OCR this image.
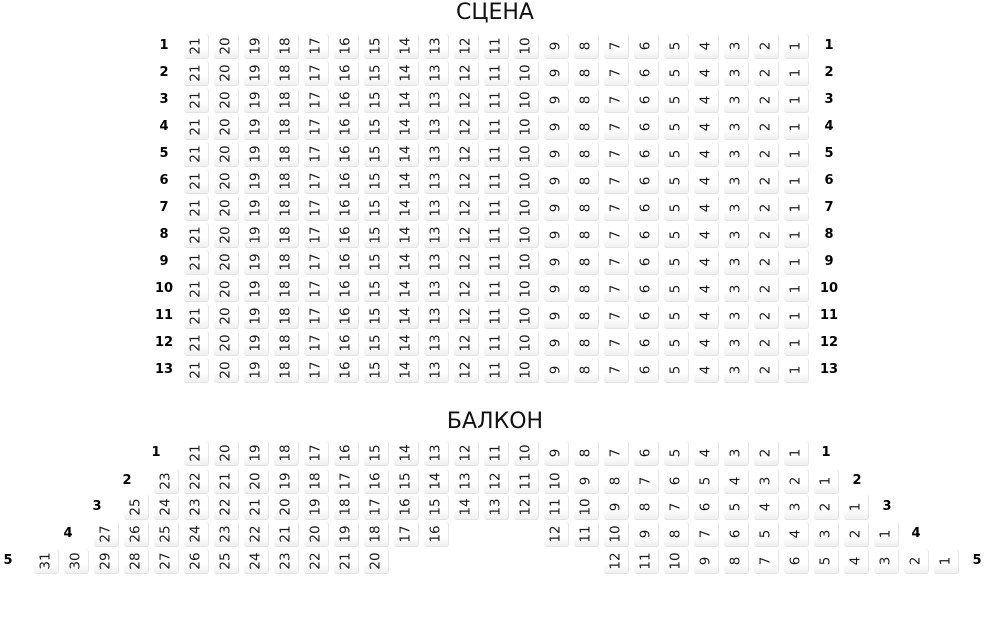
СЦЕНА
БАЛКОН
1	1
21 20 19 18 17 16 15 14 13 12 11 10 9 8 7 6 5 4 3 2 1
2	2
21 20 19 18 17 16 15 14 13 12 11 10 9 8 7 6 5 4 3 2 1
3	3
21 20 19 18 17 16 15 14 13 12 11 10 9 8 7 6 5 4 3 2 1
4	4
21 20 19 18 17 16 15 14 13 12 11 10 9 8 7 6 5 4 3 2 1
5	5
21 20 19 18 17 16 15 14 13 12 11 10 9 8 7 6 5 4 3 2 1
6	6
21 20 19 18 17 16 15 14 13 12 11 10 9 8 7 6 5 4 3 2 1
7	7
21 20 19 18 17 16 15 14 13 12 11 10 9 8 7 6 5 4 3 2 1
8	8
21 20 19 18 17 16 15 14 13 12 11 10 9 8 7 6 5 4 3 2 1
9	9
21 20 19 18 17 16 15 14 13 12 11 10 9 8 7 6 5 4 3 2 1
10	10
21 20 19 18 17 16 15 14 13 12 11 10 9 8 7 6 5 4 3 2 1
11	11
21 20 19 18 17 16 15 14 13 12 11 10 9 8 7 6 5 4 3 2 1
12	12
21 20 19 18 17 16 15 14 13 12 11 10 9 8 7 6 5 4 3 2 1
13	13
21 20 19 18 17 16 15 14 13 12 11 10 9 8 7 6 5 4 3 2 1
1	1
21 20 19 18 17 16 15 14 13 12 11 10 9 8 7 6 5 4 3 2 1
2	2
23 22 21 20 19 18 17 16 15 14 13 12 11 10 9 8 7 6 5 4 3 2 1
3	3
25 24 23 22 21 20 19 18 17 16 15 14 13 12 11 10 9 8 7 6 5 4 3 2 1
4	4
27 26 25 24 23 22 21 20 19 18 17 16	12 11 10 9 8 7 6 5 4 3 2 1
5	5
31 30 29 28 27 26 25 24 23 22 21 20	12 11 10 9 8 7 6 5 4 3 2 1
